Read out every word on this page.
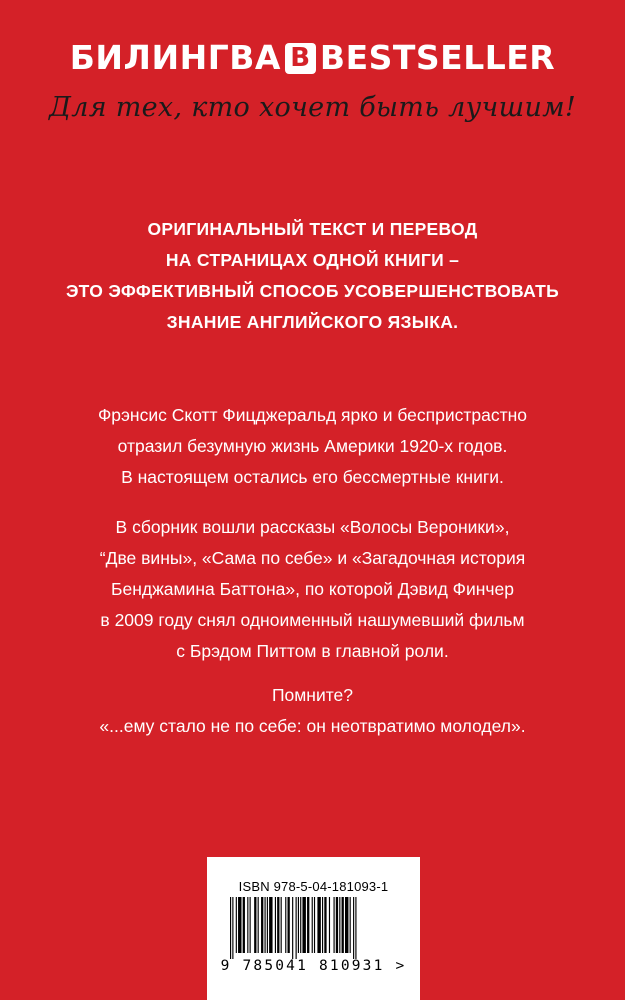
БИЛИНГВА B BESTSELLER
Для тех, кто хочет быть лучшим!
ОРИГИНАЛЬНЫЙ ТЕКСТ И ПЕРЕВОД
НА СТРАНИЦАХ ОДНОЙ КНИГИ –
ЭТО ЭФФЕКТИВНЫЙ СПОСОБ УСОВЕРШЕНСТВОВАТЬ
ЗНАНИЕ АНГЛИЙСКОГО ЯЗЫКА.
Фрэнсис Скотт Фицджеральд ярко и беспристрастно
отразил безумную жизнь Америки 1920-х годов.
В настоящем остались его бессмертные книги.
В сборник вошли рассказы «Волосы Вероники»,
“Две вины», «Сама по себе» и «Загадочная история
Бенджамина Баттона», по которой Дэвид Финчер
в 2009 году снял одноименный нашумевший фильм
с Брэдом Питтом в главной роли.
Помните?
«...ему стало не по себе: он неотвратимо молодел».
ISBN 978-5-04-181093-1
9 785041 810931 >
